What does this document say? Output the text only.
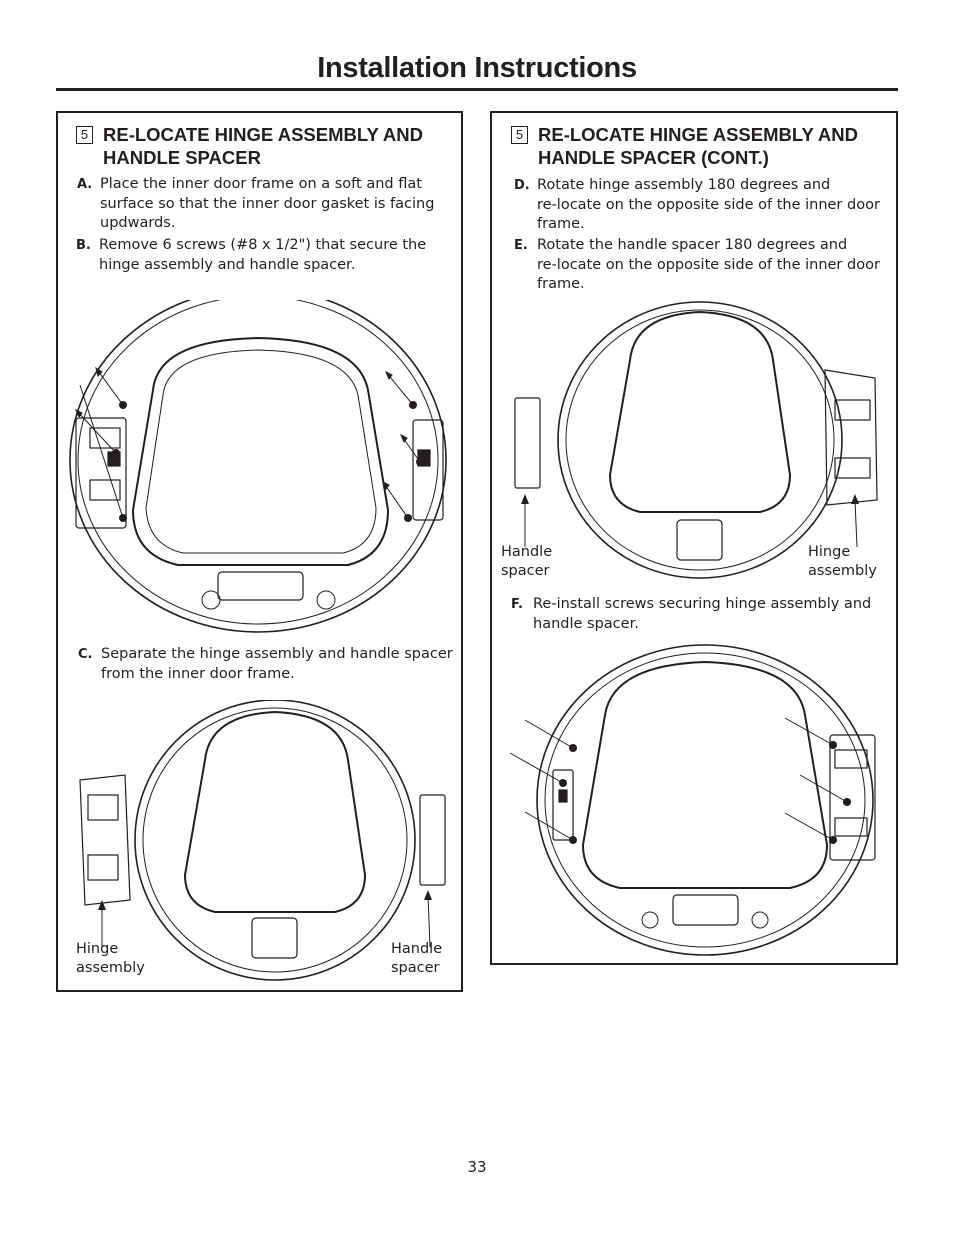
Installation Instructions
5 RE-LOCATE HINGE ASSEMBLY AND
HANDLE SPACER
A. Place the inner door frame on a soft and flat
surface so that the inner door gasket is facing
updwards.
B. Remove 6 screws (#8 x 1/2") that secure the
hinge assembly and handle spacer.
C. Separate the hinge assembly and handle spacer
from the inner door frame.
Hinge
assembly
Handle
spacer
5 RE-LOCATE HINGE ASSEMBLY AND
HANDLE SPACER (CONT.)
D. Rotate hinge assembly 180 degrees and
re-locate on the opposite side of the inner door
frame.
E. Rotate the handle spacer 180 degrees and
re-locate on the opposite side of the inner door
frame.
Handle
spacer
Hinge
assembly
F. Re-install screws securing hinge assembly and
handle spacer.
33
